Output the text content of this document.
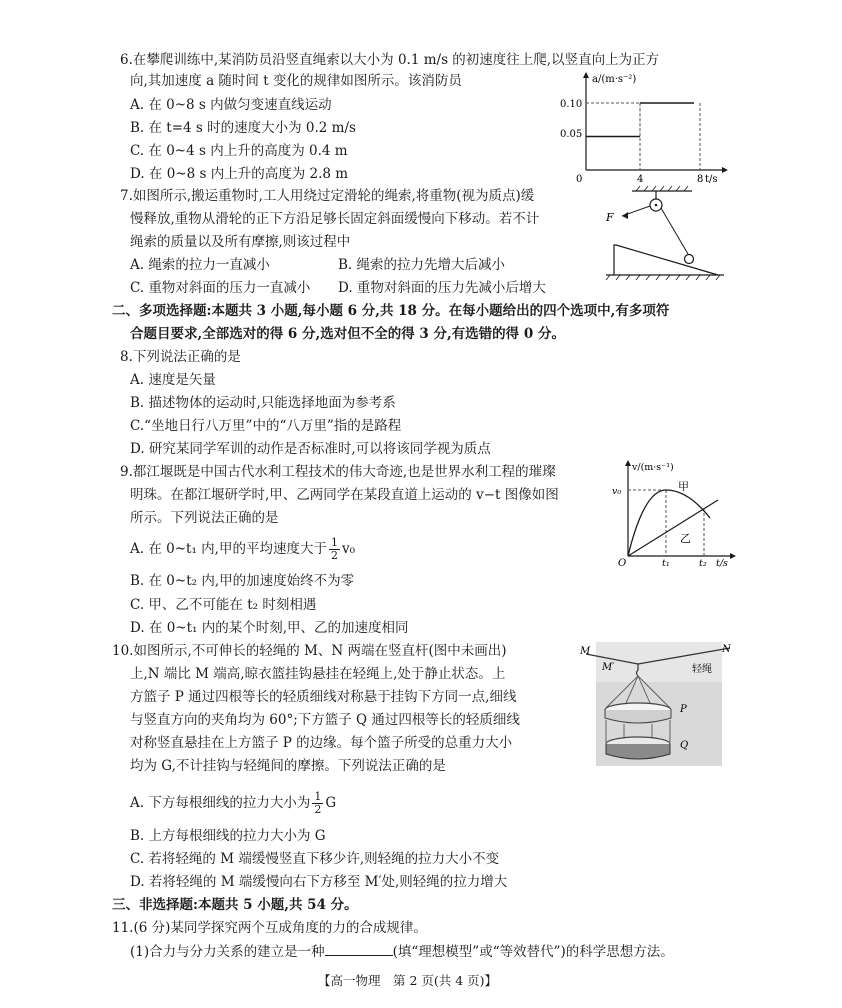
6.在攀爬训练中,某消防员沿竖直绳索以大小为 0.1 m/s 的初速度往上爬,以竖直向上为正方
向,其加速度 a 随时间 t 变化的规律如图所示。该消防员
A. 在 0~8 s 内做匀变速直线运动
B. 在 t=4 s 时的速度大小为 0.2 m/s
C. 在 0~4 s 内上升的高度为 0.4 m
D. 在 0~8 s 内上升的高度为 2.8 m
a/(m·s⁻²)
t/s
0.10
0.05
0	4	8
7.如图所示,搬运重物时,工人用绕过定滑轮的绳索,将重物(视为质点)缓
慢释放,重物从滑轮的正下方沿足够长固定斜面缓慢向下移动。若不计
绳索的质量以及所有摩擦,则该过程中
A. 绳索的拉力一直减小	B. 绳索的拉力先增大后减小
C. 重物对斜面的压力一直减小 D. 重物对斜面的压力先减小后增大
F
二、多项选择题:本题共 3 小题,每小题 6 分,共 18 分。在每小题给出的四个选项中,有多项符
合题目要求,全部选对的得 6 分,选对但不全的得 3 分,有选错的得 0 分。
8.下列说法正确的是
A. 速度是矢量
B. 描述物体的运动时,只能选择地面为参考系
C.“坐地日行八万里”中的“八万里”指的是路程
D. 研究某同学军训的动作是否标准时,可以将该同学视为质点
9.都江堰既是中国古代水利工程技术的伟大奇迹,也是世界水利工程的璀璨
明珠。在都江堰研学时,甲、乙两同学在某段直道上运动的 v−t 图像如图
所示。下列说法正确的是
A. 在 0~t₁ 内,甲的平均速度大于 $\frac{1}{2} v_0$
B. 在 0~t₂ 内,甲的加速度始终不为零
C. 甲、乙不可能在 t₂ 时刻相遇
D. 在 0~t₁ 内的某个时刻,甲、乙的加速度相同
v/(m·s⁻¹)
v₀	甲
乙
O	t₁	t₂ t/s
10.如图所示,不可伸长的轻绳的 M、N 两端在竖直杆(图中未画出)
上,N 端比 M 端高,晾衣篮挂钩悬挂在轻绳上,处于静止状态。上
方篮子 P 通过四根等长的轻质细线对称悬于挂钩下方同一点,细线
与竖直方向的夹角均为 60°;下方篮子 Q 通过四根等长的轻质细线
对称竖直悬挂在上方篮子 P 的边缘。每个篮子所受的总重力大小
均为 G,不计挂钩与轻绳间的摩擦。下列说法正确的是
A. 下方每根细线的拉力大小为 $\frac{1}{2}$ G
B. 上方每根细线的拉力大小为 G
C. 若将轻绳的 M 端缓慢竖直下移少许,则轻绳的拉力大小不变
D. 若将轻绳的 M 端缓慢向右下方移至 M′处,则轻绳的拉力增大
M
M′
N
轻绳
P
Q
三、非选择题:本题共 5 小题,共 54 分。
11.(6 分)某同学探究两个互成角度的力的合成规律。
(1)合力与分力关系的建立是一种	(填“理想模型”或“等效替代”)的科学思想方法。
【高一物理　第 2 页(共 4 页)】
